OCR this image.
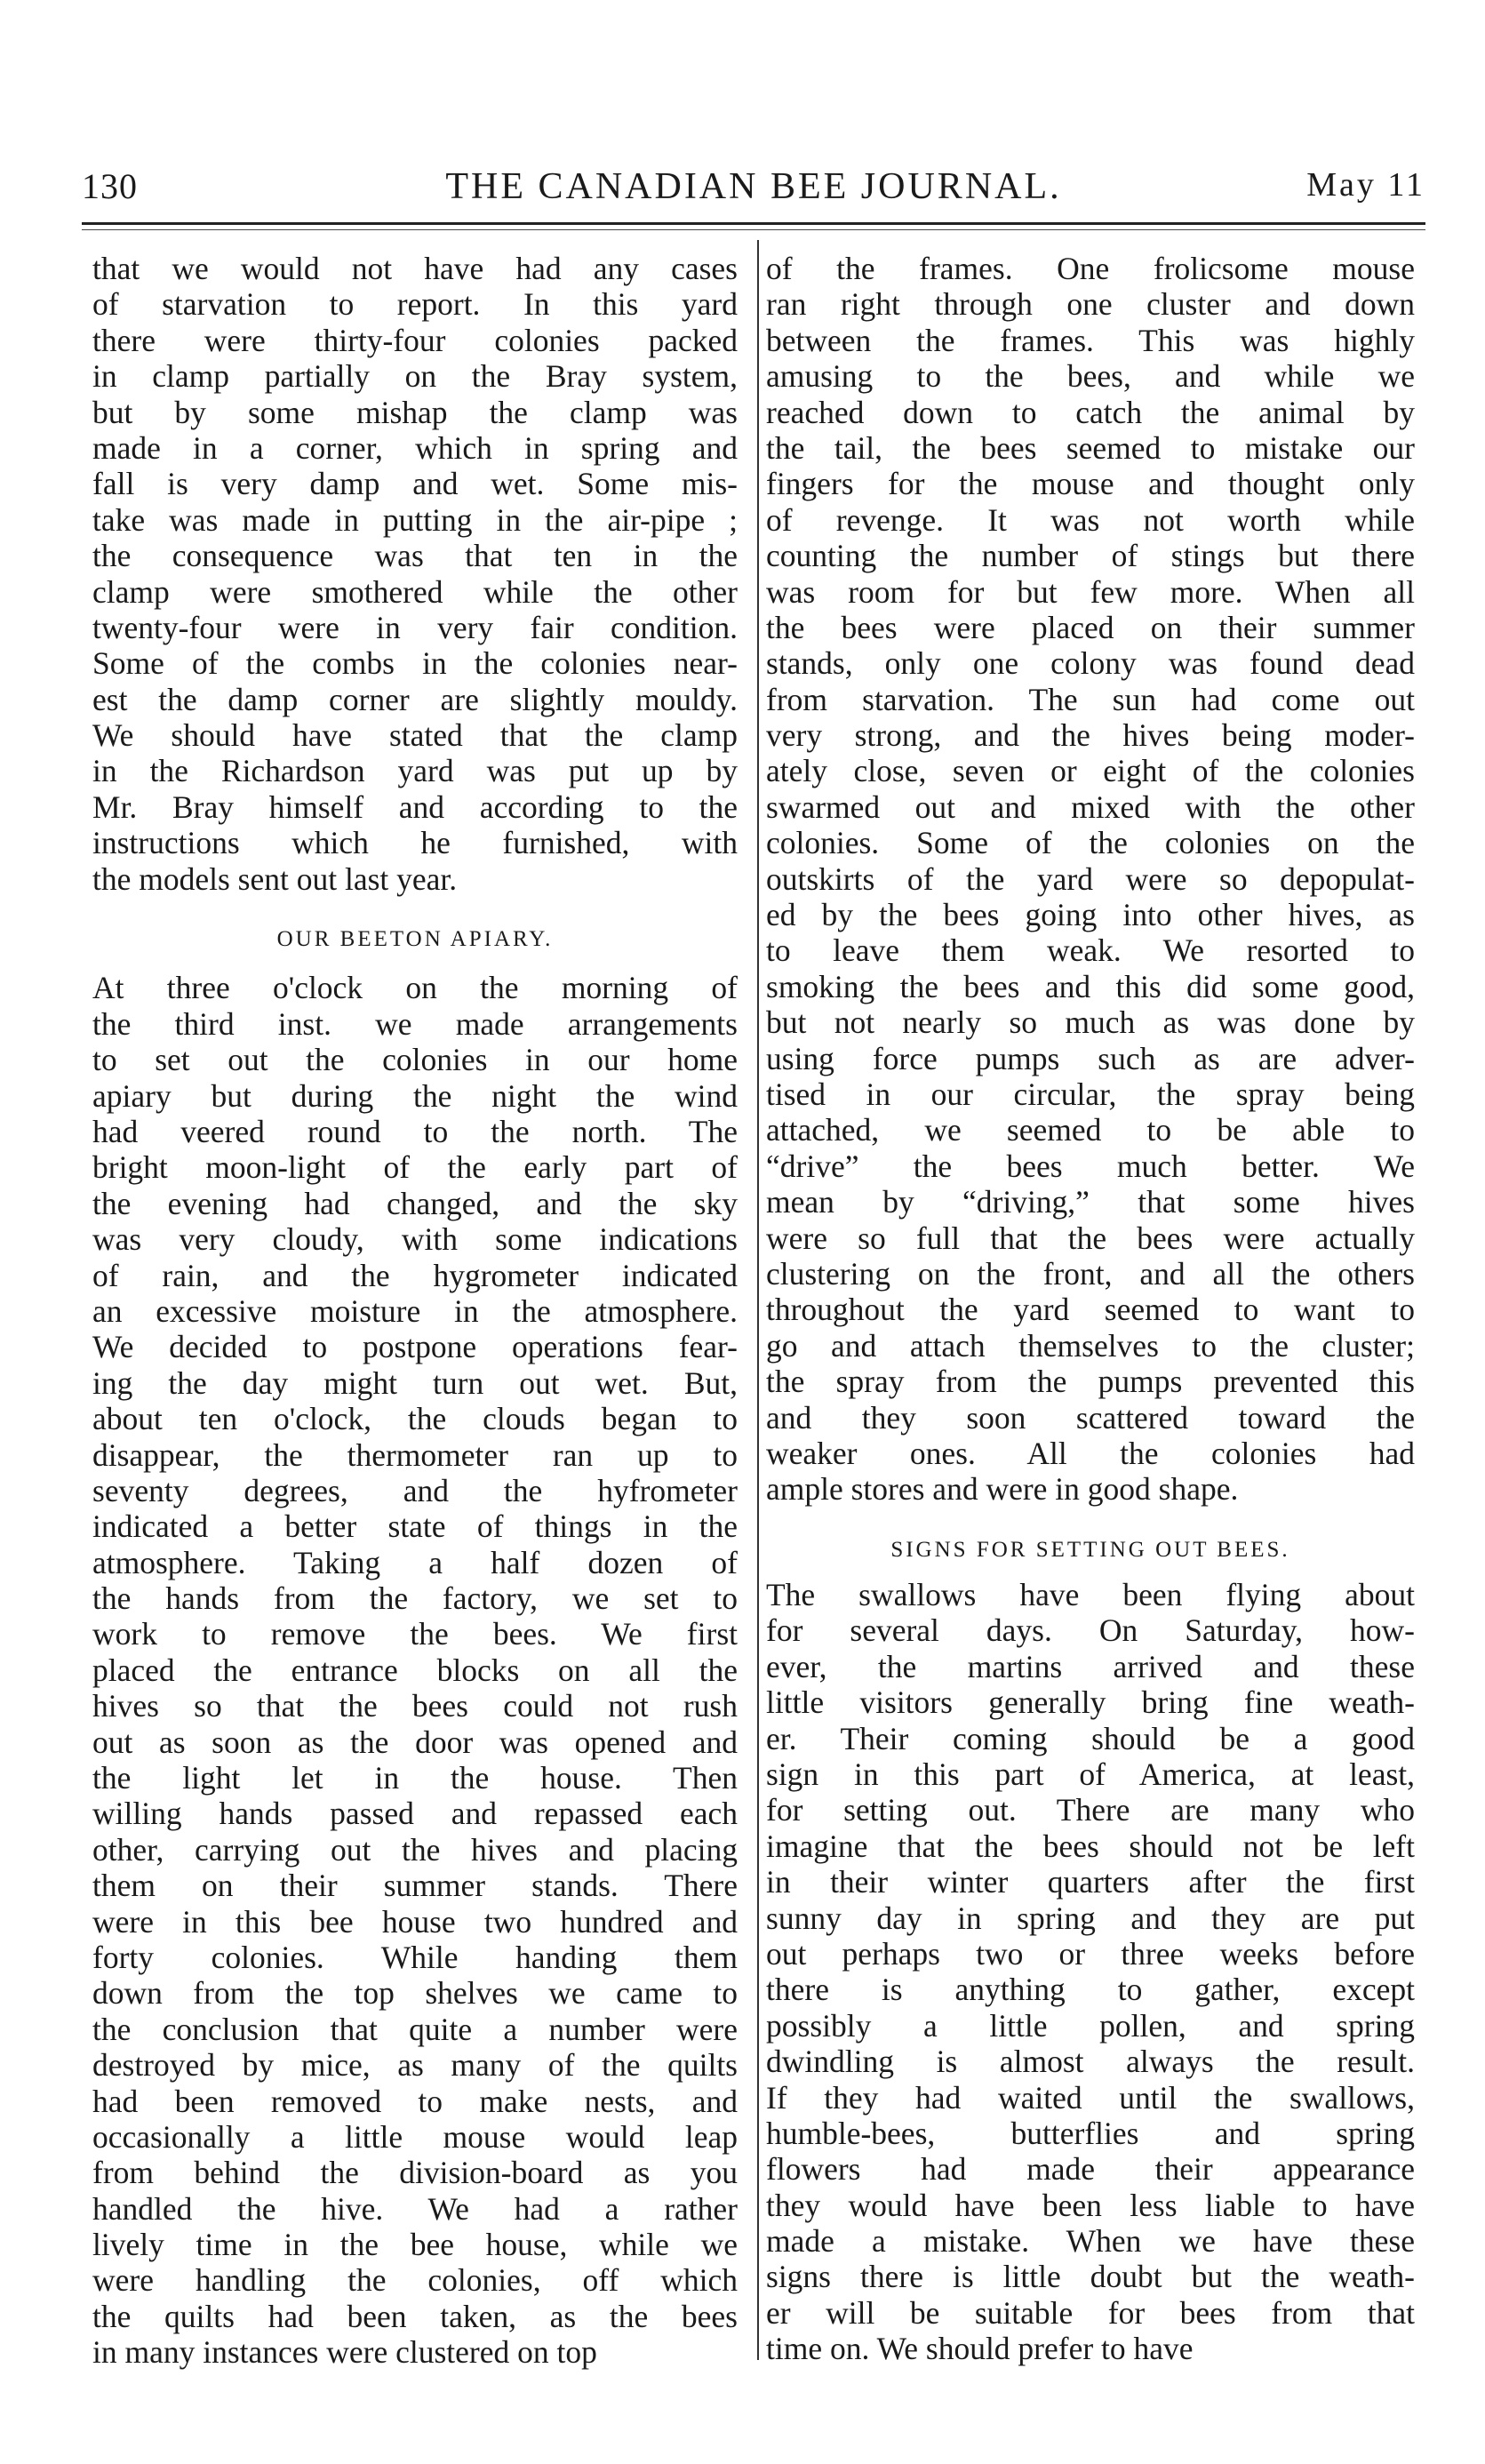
130	THE CANADIAN BEE JOURNAL.	May 11
that we would not have had any cases
of starvation to report. In this yard
there were thirty-four colonies packed
in clamp partially on the Bray system,
but by some mishap the clamp was
made in a corner, which in spring and
fall is very damp and wet. Some mis-
take was made in putting in the air-pipe ;
the consequence was that ten in the
clamp were smothered while the other
twenty-four were in very fair condition.
Some of the combs in the colonies near-
est the damp corner are slightly mouldy.
We should have stated that the clamp
in the Richardson yard was put up by
Mr. Bray himself and according to the
instructions which he furnished, with
the models sent out last year.
OUR BEETON APIARY.
At three o'clock on the morning of
the third inst. we made arrangements
to set out the colonies in our home
apiary but during the night the wind
had veered round to the north. The
bright moon-light of the early part of
the evening had changed, and the sky
was very cloudy, with some indications
of rain, and the hygrometer indicated
an excessive moisture in the atmosphere.
We decided to postpone operations fear-
ing the day might turn out wet. But,
about ten o'clock, the clouds began to
disappear, the thermometer ran up to
seventy degrees, and the hyfrometer
indicated a better state of things in the
atmosphere. Taking a half dozen of
the hands from the factory, we set to
work to remove the bees. We first
placed the entrance blocks on all the
hives so that the bees could not rush
out as soon as the door was opened and
the light let in the house. Then
willing hands passed and repassed each
other, carrying out the hives and placing
them on their summer stands. There
were in this bee house two hundred and
forty colonies. While handing them
down from the top shelves we came to
the conclusion that quite a number were
destroyed by mice, as many of the quilts
had been removed to make nests, and
occasionally a little mouse would leap
from behind the division-board as you
handled the hive. We had a rather
lively time in the bee house, while we
were handling the colonies, off which
the quilts had been taken, as the bees
in many instances were clustered on top
of the frames. One frolicsome mouse
ran right through one cluster and down
between the frames. This was highly
amusing to the bees, and while we
reached down to catch the animal by
the tail, the bees seemed to mistake our
fingers for the mouse and thought only
of revenge. It was not worth while
counting the number of stings but there
was room for but few more. When all
the bees were placed on their summer
stands, only one colony was found dead
from starvation. The sun had come out
very strong, and the hives being moder-
ately close, seven or eight of the colonies
swarmed out and mixed with the other
colonies. Some of the colonies on the
outskirts of the yard were so depopulat-
ed by the bees going into other hives, as
to leave them weak. We resorted to
smoking the bees and this did some good,
but not nearly so much as was done by
using force pumps such as are adver-
tised in our circular, the spray being
attached, we seemed to be able to
“drive” the bees much better. We
mean by “driving,” that some hives
were so full that the bees were actually
clustering on the front, and all the others
throughout the yard seemed to want to
go and attach themselves to the cluster;
the spray from the pumps prevented this
and they soon scattered toward the
weaker ones. All the colonies had
ample stores and were in good shape.
SIGNS FOR SETTING OUT BEES.
The swallows have been flying about
for several days. On Saturday, how-
ever, the martins arrived and these
little visitors generally bring fine weath-
er. Their coming should be a good
sign in this part of America, at least,
for setting out. There are many who
imagine that the bees should not be left
in their winter quarters after the first
sunny day in spring and they are put
out perhaps two or three weeks before
there is anything to gather, except
possibly a little pollen, and spring
dwindling is almost always the result.
If they had waited until the swallows,
humble-bees, butterflies and spring
flowers had made their appearance
they would have been less liable to have
made a mistake. When we have these
signs there is little doubt but the weath-
er will be suitable for bees from that
time on. We should prefer to have
